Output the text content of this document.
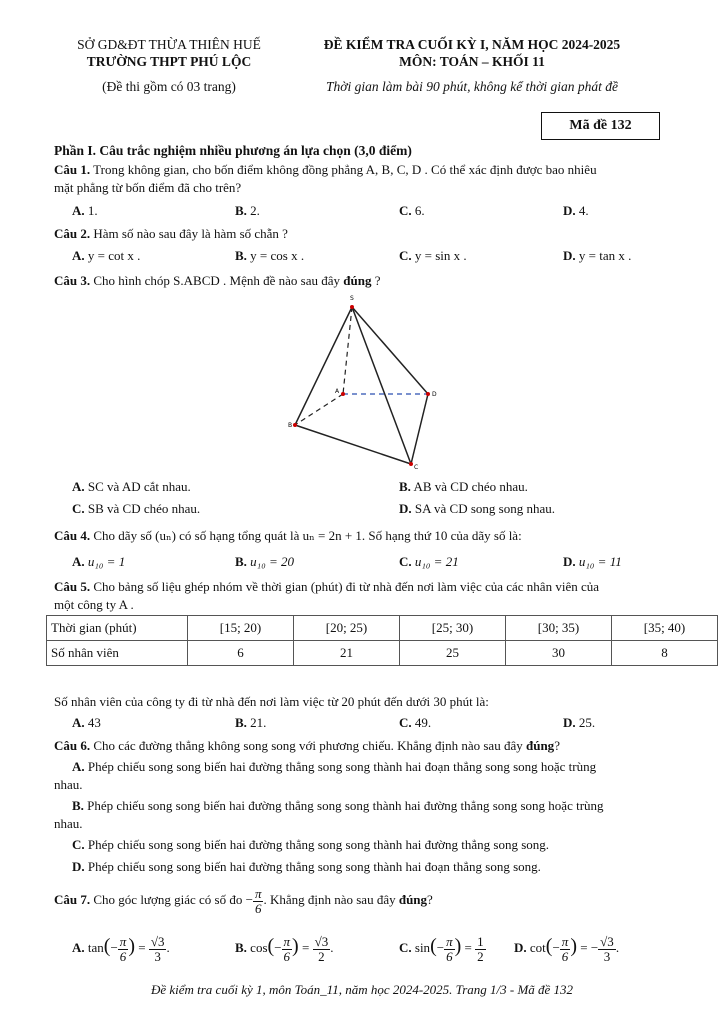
SỞ GD&ĐT THỪA THIÊN HUẾ
TRƯỜNG THPT PHÚ LỘC
(Đề thi gồm có 03 trang)
ĐỀ KIỂM TRA CUỐI KỲ I, NĂM HỌC 2024-2025
MÔN: TOÁN – KHỐI 11
Thời gian làm bài 90 phút, không kể thời gian phát đề
Mã đề 132
Phần I. Câu trắc nghiệm nhiều phương án lựa chọn (3,0 điểm)
Câu 1. Trong không gian, cho bốn điểm không đồng phẳng A, B, C, D . Có thể xác định được bao nhiêu
mặt phẳng từ bốn điểm đã cho trên?
A. 1.	B. 2.	C. 6.	D. 4.
Câu 2. Hàm số nào sau đây là hàm số chẵn ?
A. y = cot x .	B. y = cos x .	C. y = sin x .	D. y = tan x .
Câu 3. Cho hình chóp S.ABCD . Mệnh đề nào sau đây đúng ?
S
A
B
C
D
A. SC và AD cắt nhau.	B. AB và CD chéo nhau.
C. SB và CD chéo nhau.	D. SA và CD song song nhau.
Câu 4. Cho dãy số (uₙ) có số hạng tổng quát là uₙ = 2n + 1. Số hạng thứ 10 của dãy số là:
A. u₁₀ = 1	B. u₁₀ = 20	C. u₁₀ = 21	D. u₁₀ = 11
Câu 5. Cho bảng số liệu ghép nhóm về thời gian (phút) đi từ nhà đến nơi làm việc của các nhân viên của
một công ty A .
Thời gian (phút)	[15; 20)	[20; 25)	[25; 30)	[30; 35)	[35; 40)
Số nhân viên	6	21	25	30	8
Số nhân viên của công ty đi từ nhà đến nơi làm việc từ 20 phút đến dưới 30 phút là:
A. 43	B. 21.	C. 49.	D. 25.
Câu 6. Cho các đường thẳng không song song với phương chiếu. Khẳng định nào sau đây đúng?
A. Phép chiếu song song biến hai đường thẳng song song thành hai đoạn thẳng song song hoặc trùng
nhau.
B. Phép chiếu song song biến hai đường thẳng song song thành hai đường thẳng song song hoặc trùng
nhau.
C. Phép chiếu song song biến hai đường thẳng song song thành hai đường thẳng song song.
D. Phép chiếu song song biến hai đường thẳng song song thành hai đoạn thẳng song song.
Câu 7. Cho góc lượng giác có số đo − $\frac{\pi}{6}$ . Khẳng định nào sau đây đúng?
A. $\tan(- \frac{\pi}{6}$ ) = $\frac{√3}{3}$ .	B. $\cos(- \frac{\pi}{6}$ ) = $\frac{√3}{2}$ .	C. $\sin(- \frac{\pi}{6}$ ) = $\frac{1}{2} D$. $\cot(- \frac{\pi}{6}$ ) = − $\frac{√3}{3}$ .
Đề kiểm tra cuối kỳ 1, môn Toán_11, năm học 2024-2025. Trang 1/3 - Mã đề 132
